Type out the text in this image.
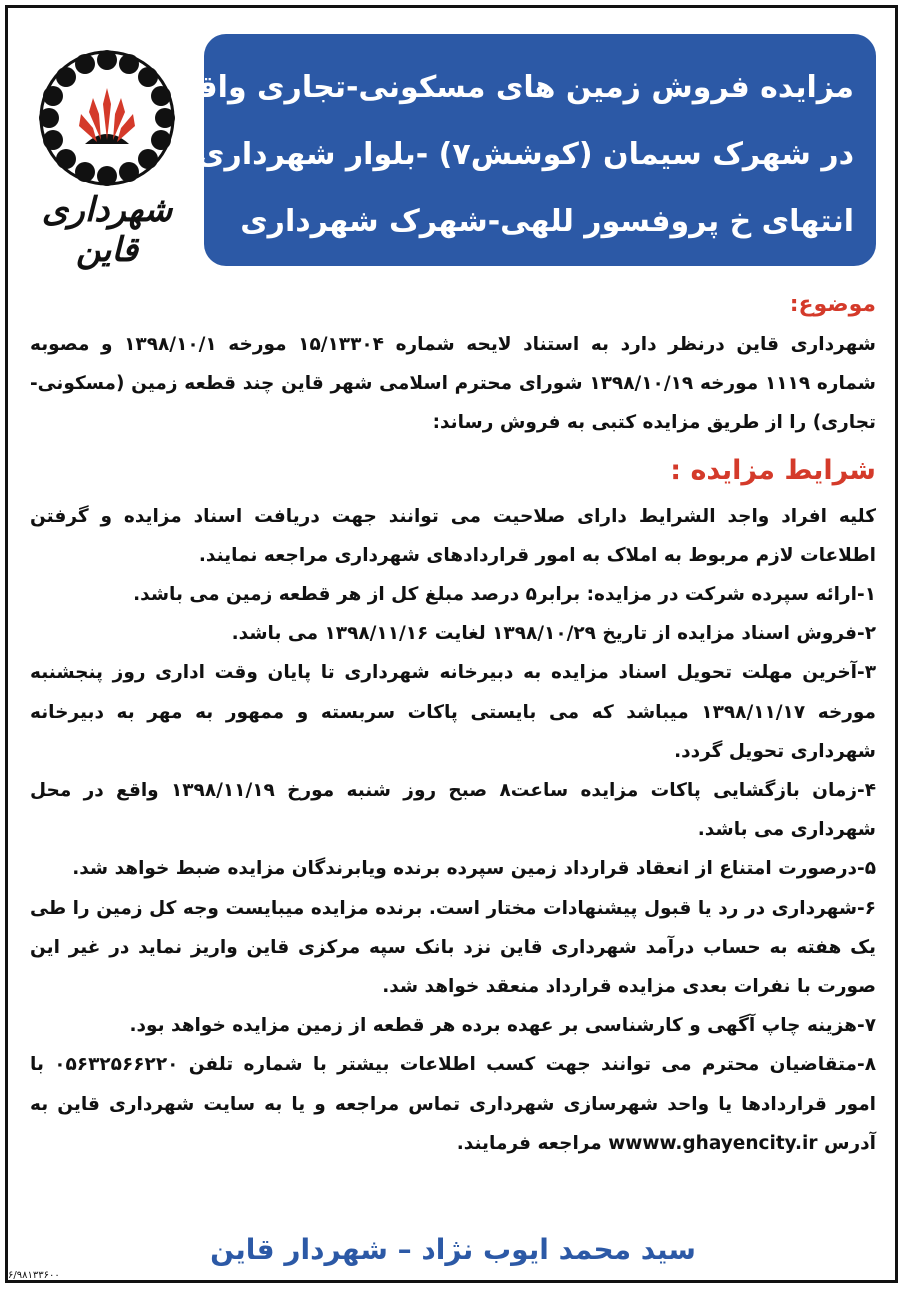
شهرداری قاین
مزایده فروش زمین های مسکونی-تجاری واقع
در شهرک سیمان (کوشش۷) -بلوار شهرداری
انتهای خ پروفسور للهی-شهرک شهرداری
موضوع:

شهرداری قاین درنظر دارد به استناد لایحه شماره ۱۵/۱۳۳۰۴ مورخه ۱۳۹۸/۱۰/۱ و مصوبه شماره ۱۱۱۹ مورخه ۱۳۹۸/۱۰/۱۹ شورای محترم اسلامی شهر قاین چند قطعه زمین (مسکونی-تجاری) را از طریق مزایده کتبی به فروش رساند:

شرایط مزایده :

کلیه افراد واجد الشرایط دارای صلاحیت می توانند جهت دریافت اسناد مزایده و گرفتن اطلاعات لازم مربوط به املاک به امور قراردادهای شهرداری مراجعه نمایند.

۱-ارائه سپرده شرکت در مزایده: برابر۵ درصد مبلغ کل از هر قطعه زمین می باشد.

۲-فروش اسناد مزایده از تاریخ ۱۳۹۸/۱۰/۲۹ لغایت ۱۳۹۸/۱۱/۱۶ می باشد.

۳-آخرین مهلت تحویل اسناد مزایده به دبیرخانه شهرداری تا پایان وقت اداری روز پنجشنبه مورخه ۱۳۹۸/۱۱/۱۷ میباشد که می بایستی پاکات سربسته و ممهور به مهر به دبیرخانه شهرداری تحویل گردد.

۴-زمان بازگشایی پاکات مزایده ساعت۸ صبح روز شنبه مورخ ۱۳۹۸/۱۱/۱۹ واقع در محل شهرداری می باشد.

۵-درصورت امتناع از انعقاد قرارداد زمین سپرده برنده ویابرندگان مزایده ضبط خواهد شد.

۶-شهرداری در رد یا قبول پیشنهادات مختار است. برنده مزایده میبایست وجه کل زمین را طی یک هفته به حساب درآمد شهرداری قاین نزد بانک سپه مرکزی قاین واریز نماید در غیر این صورت با نفرات بعدی مزایده قرارداد منعقد خواهد شد.

۷-هزینه چاپ آگهی و کارشناسی بر عهده برده هر قطعه از زمین مزایده خواهد بود.

۸-متقاضیان محترم می توانند جهت کسب اطلاعات بیشتر با شماره تلفن ۰۵۶۳۲۵۶۶۲۲۰ با امور قراردادها یا واحد شهرسازی شهرداری تماس مراجعه و یا به سایت شهرداری قاین به آدرس wwww.ghayencity.ir مراجعه فرمایند.

سید محمد ایوب نژاد – شهردار قاین
۶/۹۸۱۳۳۶۰۰
